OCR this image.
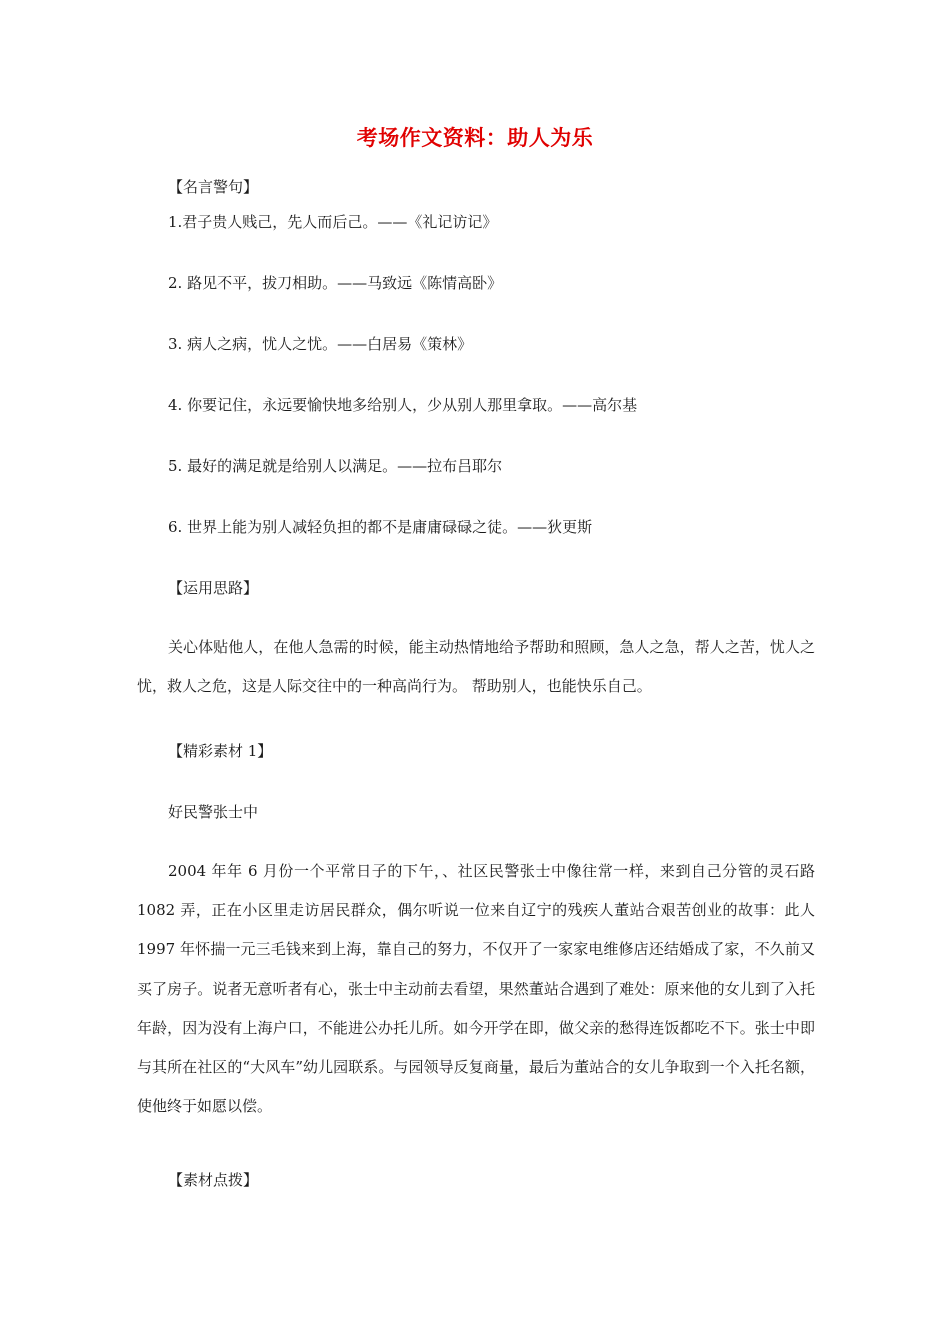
考场作文资料：助人为乐
【名言警句】
1.君子贵人贱己，先人而后己。——《礼记访记》
2. 路见不平，拔刀相助。——马致远《陈情高卧》
3. 病人之病，忧人之忧。——白居易《策林》
4. 你要记住，永远要愉快地多给别人，少从别人那里拿取。——高尔基
5. 最好的满足就是给别人以满足。——拉布吕耶尔
6. 世界上能为别人减轻负担的都不是庸庸碌碌之徒。——狄更斯
【运用思路】

关心体贴他人，在他人急需的时候，能主动热情地给予帮助和照顾，急人之急，帮人之苦，忧人之忧，救人之危，这是人际交往中的一种高尚行为。 帮助别人，也能快乐自己。

【精彩素材 1】
好民警张士中

2004 年年 6 月份一个平常日子的下午，、社区民警张士中像往常一样，来到自己分管的灵石路 1082 弄，正在小区里走访居民群众，偶尔听说一位来自辽宁的残疾人董站合艰苦创业的故事：此人 1997 年怀揣一元三毛钱来到上海，靠自己的努力，不仅开了一家家电维修店还结婚成了家，不久前又买了房子。说者无意听者有心，张士中主动前去看望，果然董站合遇到了难处：原来他的女儿到了入托年龄，因为没有上海户口，不能进公办托儿所。如今开学在即，做父亲的愁得连饭都吃不下。张士中即与其所在社区的“大风车”幼儿园联系。与园领导反复商量，最后为董站合的女儿争取到一个入托名额，使他终于如愿以偿。

【素材点拨】
